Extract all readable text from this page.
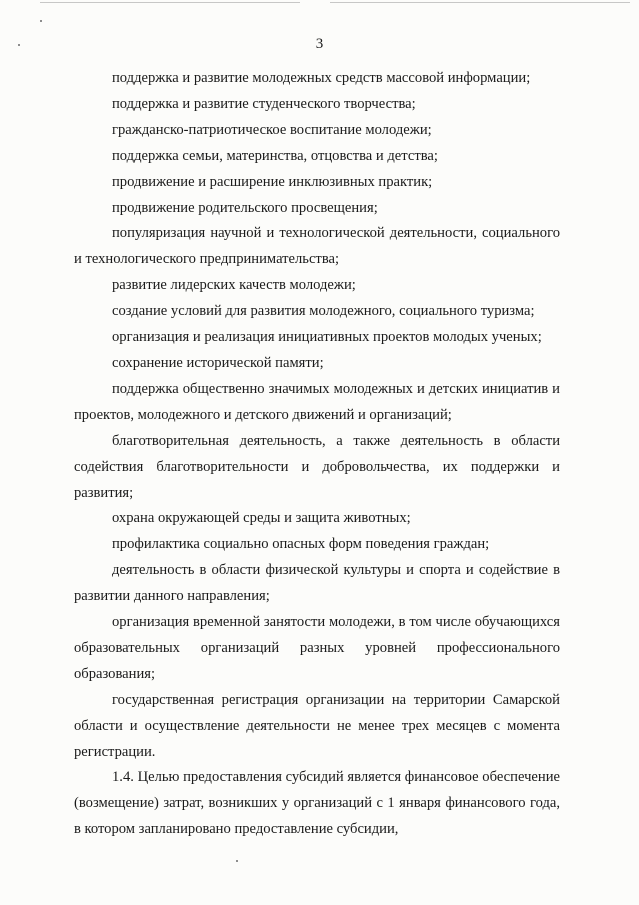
3

поддержка и развитие молодежных средств массовой информации;

поддержка и развитие студенческого творчества;

гражданско-патриотическое воспитание молодежи;

поддержка семьи, материнства, отцовства и детства;

продвижение и расширение инклюзивных практик;

продвижение родительского просвещения;

популяризация научной и технологической деятельности, социального и технологического предпринимательства;

развитие лидерских качеств молодежи;

создание условий для развития молодежного, социального туризма;

организация и реализация инициативных проектов молодых ученых;

сохранение исторической памяти;

поддержка общественно значимых молодежных и детских инициатив и проектов, молодежного и детского движений и организаций;

благотворительная деятельность, а также деятельность в области содействия благотворительности и добровольчества, их поддержки и развития;

охрана окружающей среды и защита животных;

профилактика социально опасных форм поведения граждан;

деятельность в области физической культуры и спорта и содействие в развитии данного направления;

организация временной занятости молодежи, в том числе обучающихся образовательных организаций разных уровней профессионального образования;

государственная регистрация организации на территории Самарской области и осуществление деятельности не менее трех месяцев с момента регистрации.

1.4. Целью предоставления субсидий является финансовое обеспечение (возмещение) затрат, возникших у организаций с 1 января финансового года, в котором запланировано предоставление субсидии,
